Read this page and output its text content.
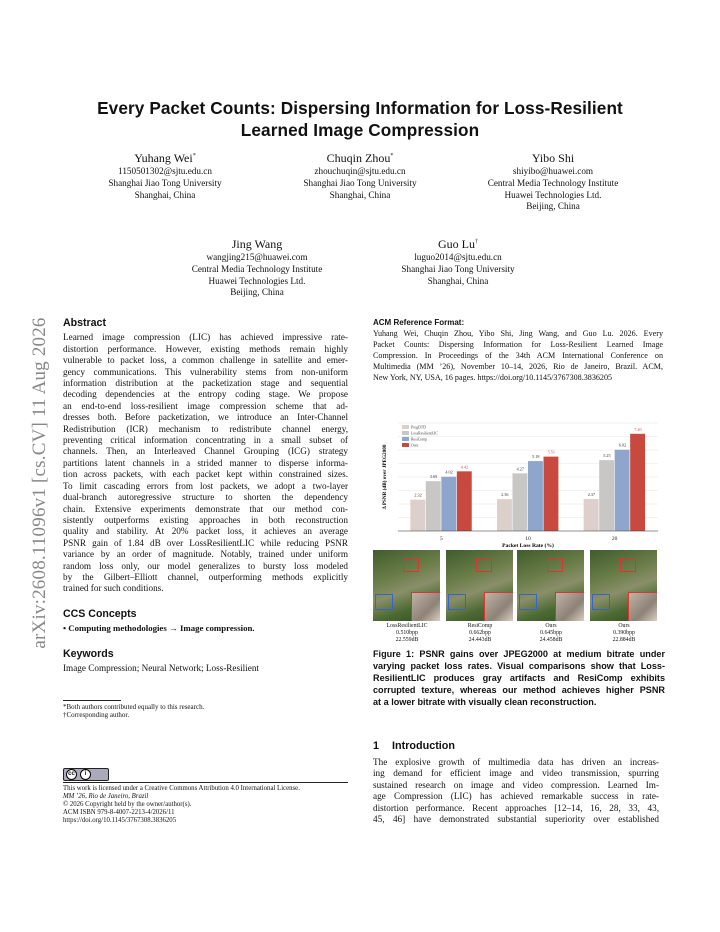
Every Packet Counts: Dispersing Information for Loss-Resilient
Learned Image Compression
Yuhang Wei*
1150501302@sjtu.edu.cn
Shanghai Jiao Tong University
Shanghai, China
Chuqin Zhou*
zhouchuqin@sjtu.edu.cn
Shanghai Jiao Tong University
Shanghai, China
Yibo Shi
shiyibo@huawei.com
Central Media Technology Institute
Huawei Technologies Ltd.
Beijing, China
Jing Wang
wangjing215@huawei.com
Central Media Technology Institute
Huawei Technologies Ltd.
Beijing, China
Guo Lu†
luguo2014@sjtu.edu.cn
Shanghai Jiao Tong University
Shanghai, China
arXiv:2608.11096v1 [cs.CV] 11 Aug 2026 Abstract
Learned image compression (LIC) has achieved impressive rate-
distortion performance. However, existing methods remain highly
vulnerable to packet loss, a common challenge in satellite and emer-
gency communications. This vulnerability stems from non-uniform
information distribution at the packetization stage and sequential
decoding dependencies at the entropy coding stage. We propose
an end-to-end loss-resilient image compression scheme that ad-
dresses both. Before packetization, we introduce an Inter-Channel
Redistribution (ICR) mechanism to redistribute channel energy,
preventing critical information concentrating in a small subset of
channels. Then, an Interleaved Channel Grouping (ICG) strategy
partitions latent channels in a strided manner to disperse informa-
tion across packets, with each packet kept within constrained sizes.
To limit cascading errors from lost packets, we adopt a two-layer
dual-branch autoregressive structure to shorten the dependency
chain. Extensive experiments demonstrate that our method con-
sistently outperforms existing approaches in both reconstruction
quality and stability. At 20% packet loss, it achieves an average
PSNR gain of 1.84 dB over LossResilientLIC while reducing PSNR
variance by an order of magnitude. Notably, trained under uniform
random loss only, our model generalizes to bursty loss modeled
by the Gilbert–Elliott channel, outperforming methods explicitly
trained for such conditions.
CCS Concepts
• Computing methodologies → Image compression.
Keywords
Image Compression; Neural Network; Loss-Resilient
*Both authors contributed equally to this research.
†Corresponding author.
cc	i
This work is licensed under a Creative Commons Attribution 4.0 International License.
MM ’26, Rio de Janeiro, Brazil
© 2026 Copyright held by the owner/author(s).
ACM ISBN 979-8-4007-2213-4/2026/11
https://doi.org/10.1145/3767308.3836205
ACM Reference Format:
Yuhang Wei, Chuqin Zhou, Yibo Shi, Jing Wang, and Guo Lu. 2026. Every
Packet Counts: Dispersing Information for Loss-Resilient Learned Image
Compression. In Proceedings of the 34th ACM International Conference on
Multimedia (MM ’26), November 10–14, 2026, Rio de Janeiro, Brazil. ACM,
New York, NY, USA, 16 pages. https://doi.org/10.1145/3767308.3836205
2.32
3.69
4.02
4.42
2.36
4.27
5.18
5.51
2.37
5.25
6.02
7.20
5	10	20
Packet Loss Rate (%)
Δ PSNR (dB) over JPEG2000
ProgDTD
LossResilientLIC
ResiComp
Ours
LossResilientLIC
0.510bpp
22.559dB
ResiComp
0.662bpp
24.443dB
Ours
0.645bpp
24.458dB
Ours
0.390bpp
22.884dB
Figure 1: PSNR gains over JPEG2000 at medium bitrate under
varying packet loss rates. Visual comparisons show that Loss-
ResilientLIC produces gray artifacts and ResiComp exhibits
corrupted texture, whereas our method achieves higher PSNR
at a lower bitrate with visually clean reconstruction.
1 Introduction
The explosive growth of multimedia data has driven an increas-
ing demand for efficient image and video transmission, spurring
sustained research on image and video compression. Learned Im-
age Compression (LIC) has achieved remarkable success in rate-
distortion performance. Recent approaches [12–14, 16, 28, 33, 43,
45, 46] have demonstrated substantial superiority over established
